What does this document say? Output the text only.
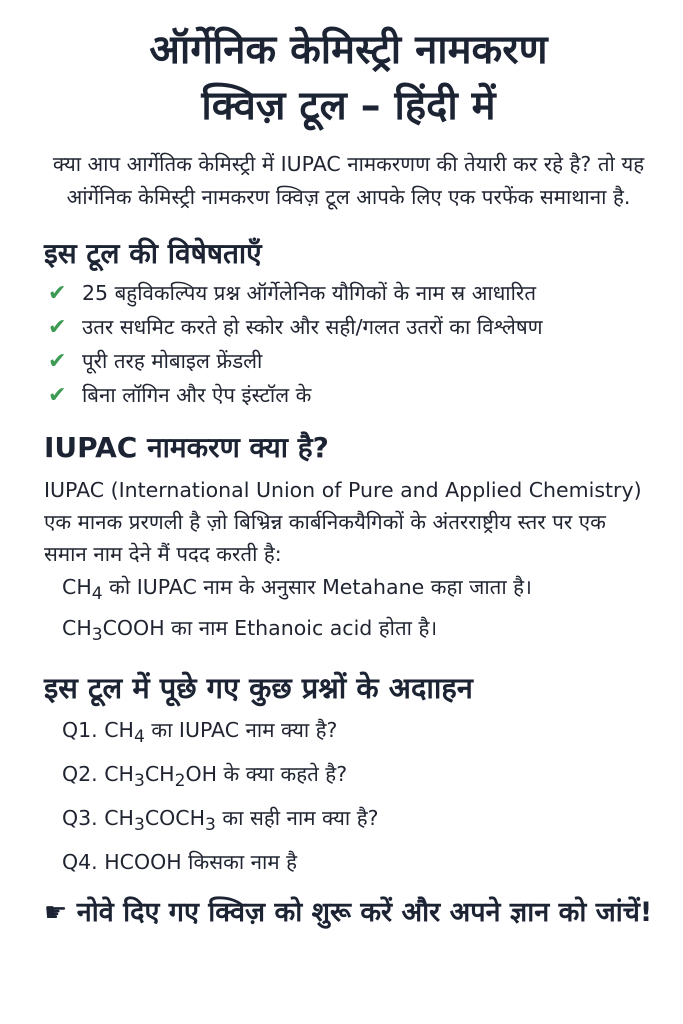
ऑर्गेनिक केमिस्ट्री नामकरण
क्विज़ टूल – हिंदी में

क्या आप आर्गेतिक केमिस्ट्री में IUPAC नामकरणण की तेयारी कर रहे है? तो यह आंर्गेनिक केमिस्ट्री नामकरण क्विज़ टूल आपके लिए एक परफेंक समाथाना है.

इस टूल की विषेषताएँ
✔ 25 बहुविकल्पिय प्रश्न ऑर्गेलेनिक यौगिकों के नाम स्र आधारित
✔ उतर सधमिट करते हो स्कोर और सही/गलत उतरों का विश्लेषण
✔ पूरी तरह मोबाइल फ्रेंडली
✔ बिना लॉगिन और ऐप इंस्टॉल के
IUPAC नामकरण क्या है?

IUPAC (International Union of Pure and Applied Chemistry) एक मानक प्ररणली है ज़ो बिभ्रिन्न कार्बनिकयैगिकों के अंतरराष्ट्रीय स्तर पर एक समान नाम देने मैं पदद करती है:

$CH_4$ को IUPAC नाम के अनुसार Metahane कहा जाता है।

$CH_3COOH$ का नाम Ethanoic acid होता है।

इस टूल में पूछे गए कुछ प्रश्नों के अदााहन
Q1. $CH_4$ का IUPAC नाम क्या है?
Q2. $CH_3CH_2OH$ के क्या कहते है?
Q3. $CH_3COCH_3$ का सही नाम क्या है?
Q4. HCOOH किसका नाम है

☛ नोवे दिए गए क्विज़ को शुरू करें और अपने ज्ञान को जांचें!
